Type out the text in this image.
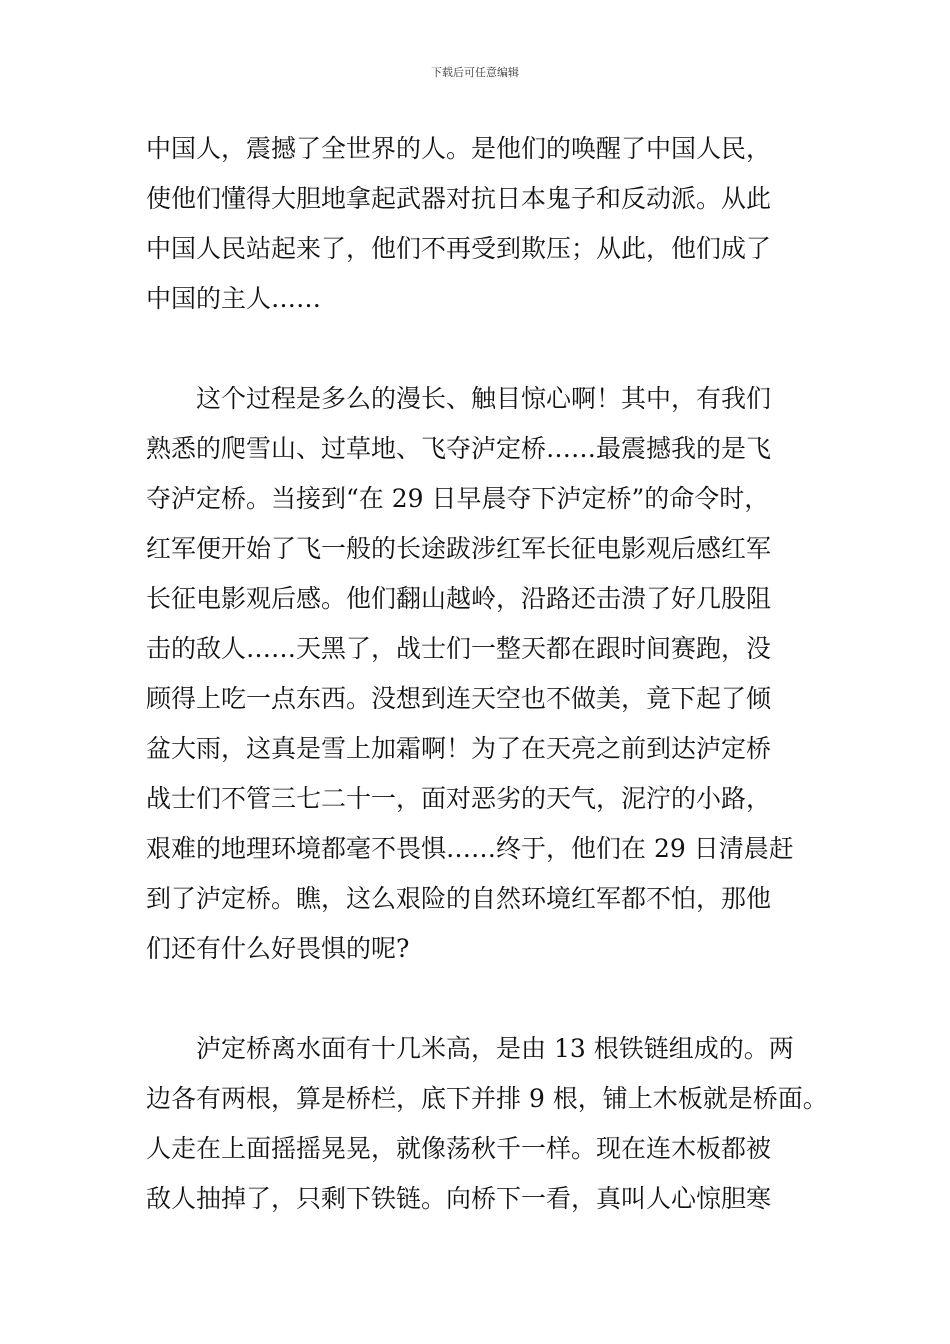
下载后可任意编辑
中国人，震撼了全世界的人。是他们的唤醒了中国人民，
使他们懂得大胆地拿起武器对抗日本鬼子和反动派。从此
中国人民站起来了，他们不再受到欺压；从此，他们成了
中国的主人……
　　这个过程是多么的漫长、触目惊心啊！其中，有我们
熟悉的爬雪山、过草地、飞夺泸定桥……最震撼我的是飞
夺泸定桥。当接到“在 29 日早晨夺下泸定桥”的命令时，
红军便开始了飞一般的长途跋涉红军长征电影观后感红军
长征电影观后感。他们翻山越岭，沿路还击溃了好几股阻
击的敌人……天黑了，战士们一整天都在跟时间赛跑，没
顾得上吃一点东西。没想到连天空也不做美，竟下起了倾
盆大雨，这真是雪上加霜啊！为了在天亮之前到达泸定桥
战士们不管三七二十一，面对恶劣的天气，泥泞的小路，
艰难的地理环境都毫不畏惧……终于，他们在 29 日清晨赶
到了泸定桥。瞧，这么艰险的自然环境红军都不怕，那他
们还有什么好畏惧的呢?
　　泸定桥离水面有十几米高，是由 13 根铁链组成的。两
边各有两根，算是桥栏，底下并排 9 根，铺上木板就是桥面。
人走在上面摇摇晃晃，就像荡秋千一样。现在连木板都被
敌人抽掉了，只剩下铁链。向桥下一看，真叫人心惊胆寒
